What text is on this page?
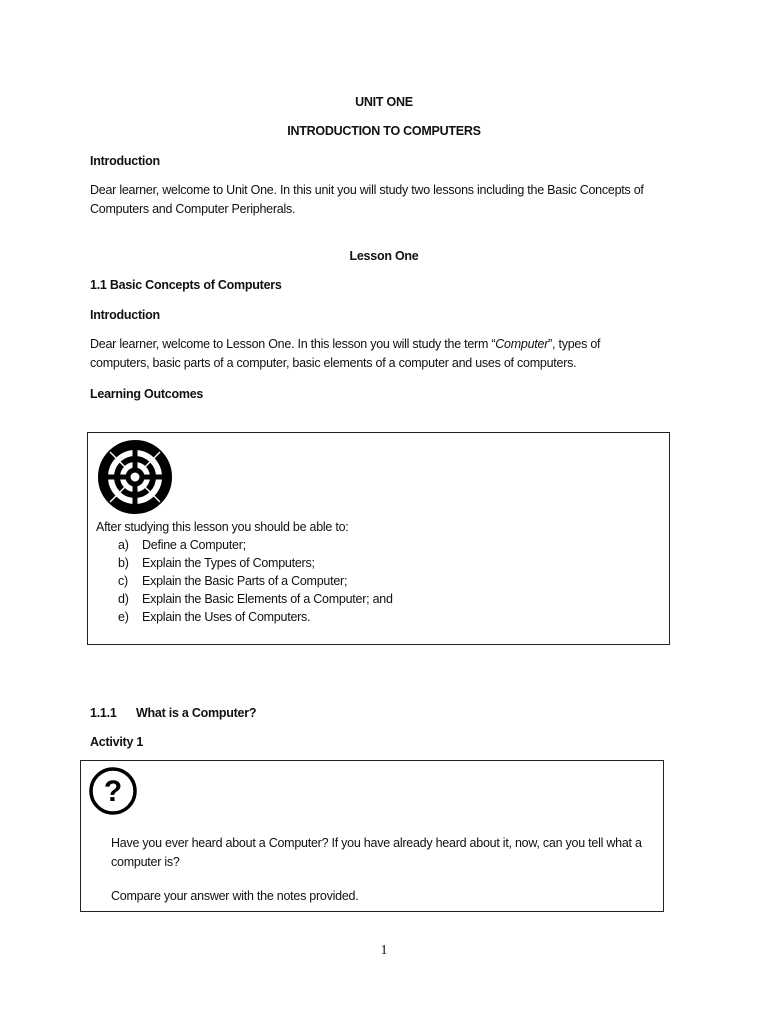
UNIT ONE
INTRODUCTION TO COMPUTERS
Introduction
Dear learner, welcome to Unit One. In this unit you will study two lessons including the Basic Concepts of Computers and Computer Peripherals.
Lesson One
1.1 Basic Concepts of Computers
Introduction
Dear learner, welcome to Lesson One. In this lesson you will study the term “Computer”, types of computers, basic parts of a computer, basic elements of a computer and uses of computers.
Learning Outcomes
After studying this lesson you should be able to:
a)	Define a Computer;
b)	Explain the Types of Computers;
c)	Explain the Basic Parts of a Computer;
d)	Explain the Basic Elements of a Computer; and
e)	Explain the Uses of Computers.
1.1.1 What is a Computer?
Activity 1
?
Have you ever heard about a Computer? If you have already heard about it, now, can you tell what a computer is?
Compare your answer with the notes provided.
1
